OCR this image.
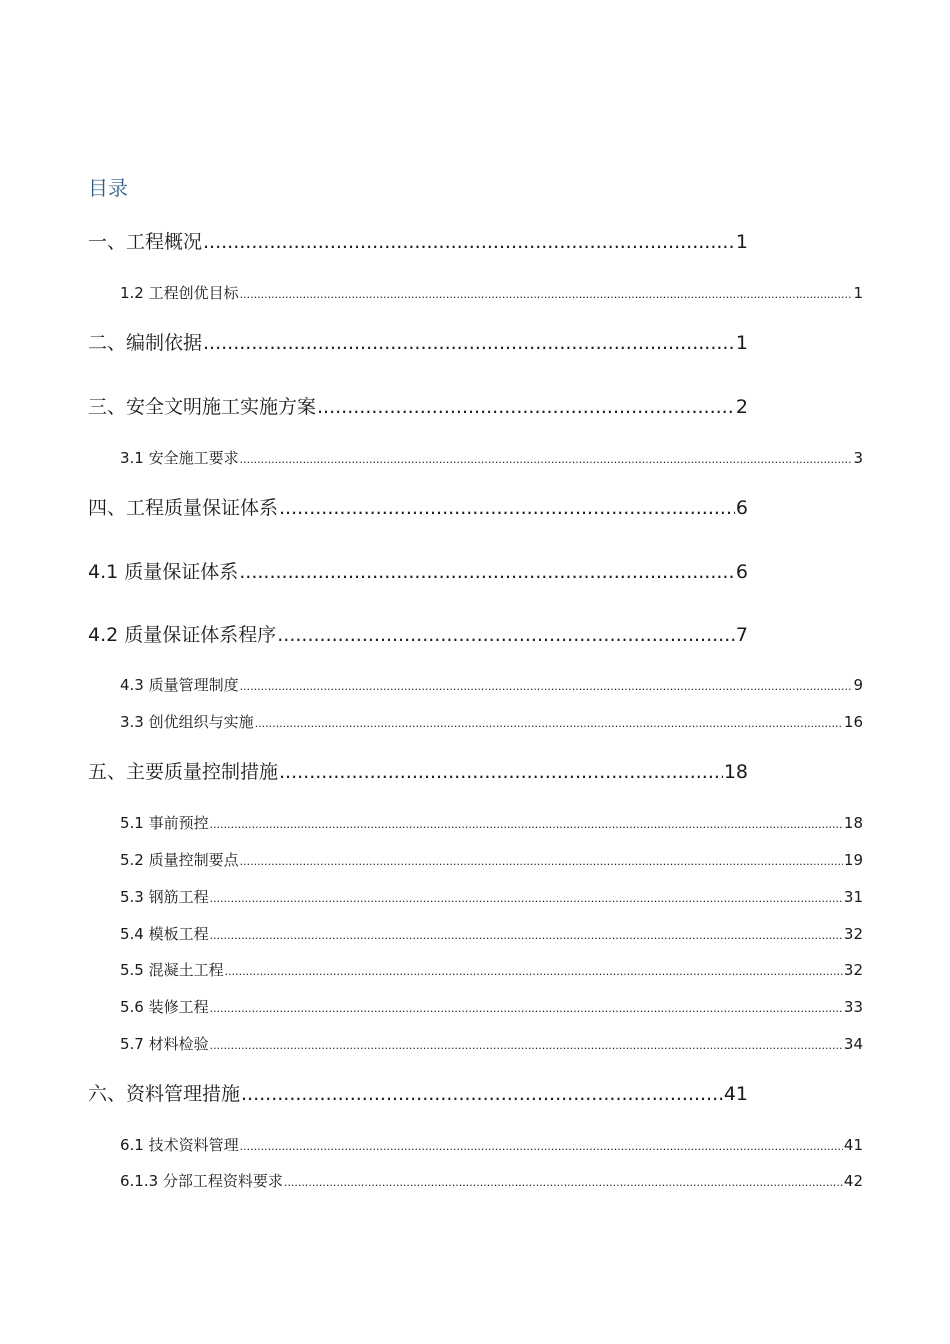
目录
一、工程概况 .....	1
1.2 工程创优目标 .....	1
二、编制依据 .....	1
三、安全文明施工实施方案 .....	2
3.1 安全施工要求 .....	3
四、工程质量保证体系 .....	6
4.1 质量保证体系 .....	6
4.2 质量保证体系程序 .....	7
4.3 质量管理制度 .....	9
3.3 创优组织与实施 .....	16
五、主要质量控制措施 .....	18
5.1 事前预控 .....	18
5.2 质量控制要点 .....	19
5.3 钢筋工程 .....	31
5.4 模板工程 .....	32
5.5 混凝土工程 .....	32
5.6 装修工程 .....	33
5.7 材料检验 .....	34
六、资料管理措施 .....	41
6.1 技术资料管理 .....	41
6.1.3 分部工程资料要求 .....	42
